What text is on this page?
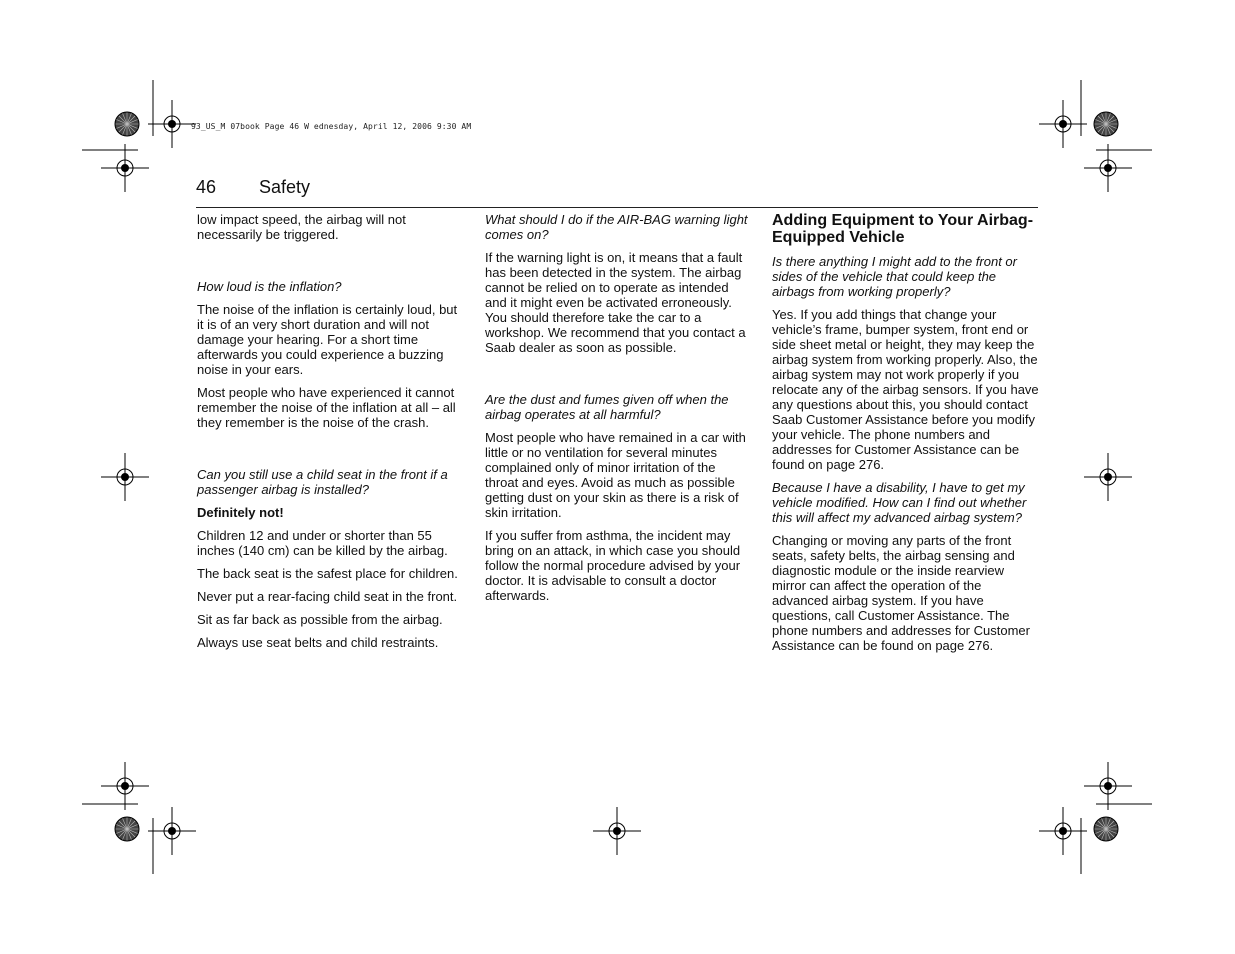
93_US_M 07book Page 46 W ednesday, April 12, 2006 9:30 AM
46 Safety

low impact speed, the airbag will not necessarily be triggered.

How loud is the inflation?

The noise of the inflation is certainly loud, but it is of an very short duration and will not damage your hearing. For a short time afterwards you could experience a buzzing noise in your ears.

Most people who have experienced it cannot remember the noise of the inflation at all – all they remember is the noise of the crash.

Can you still use a child seat in the front if a passenger airbag is installed?

Definitely not!

Children 12 and under or shorter than 55 inches (140 cm) can be killed by the airbag.

The back seat is the safest place for children.

Never put a rear-facing child seat in the front.

Sit as far back as possible from the airbag.

Always use seat belts and child restraints.

What should I do if the AIR-BAG warning light comes on?

If the warning light is on, it means that a fault has been detected in the system. The airbag cannot be relied on to operate as intended and it might even be activated erroneously. You should therefore take the car to a workshop. We recommend that you contact a Saab dealer as soon as possible.

Are the dust and fumes given off when the airbag operates at all harmful?

Most people who have remained in a car with little or no ventilation for several minutes complained only of minor irritation of the throat and eyes. Avoid as much as possible getting dust on your skin as there is a risk of skin irritation.

If you suffer from asthma, the incident may bring on an attack, in which case you should follow the normal procedure advised by your doctor. It is advisable to consult a doctor afterwards.

Adding Equipment to Your Airbag-Equipped Vehicle

Is there anything I might add to the front or sides of the vehicle that could keep the airbags from working properly?

Yes. If you add things that change your vehicle’s frame, bumper system, front end or side sheet metal or height, they may keep the airbag system from working properly. Also, the airbag system may not work properly if you relocate any of the airbag sensors. If you have any questions about this, you should contact Saab Customer Assistance before you modify your vehicle. The phone numbers and addresses for Customer Assistance can be found on page 276.

Because I have a disability, I have to get my vehicle modified. How can I find out whether this will affect my advanced airbag system?

Changing or moving any parts of the front seats, safety belts, the airbag sensing and diagnostic module or the inside rearview mirror can affect the operation of the advanced airbag system. If you have questions, call Customer Assistance. The phone numbers and addresses for Customer Assistance can be found on page 276.
